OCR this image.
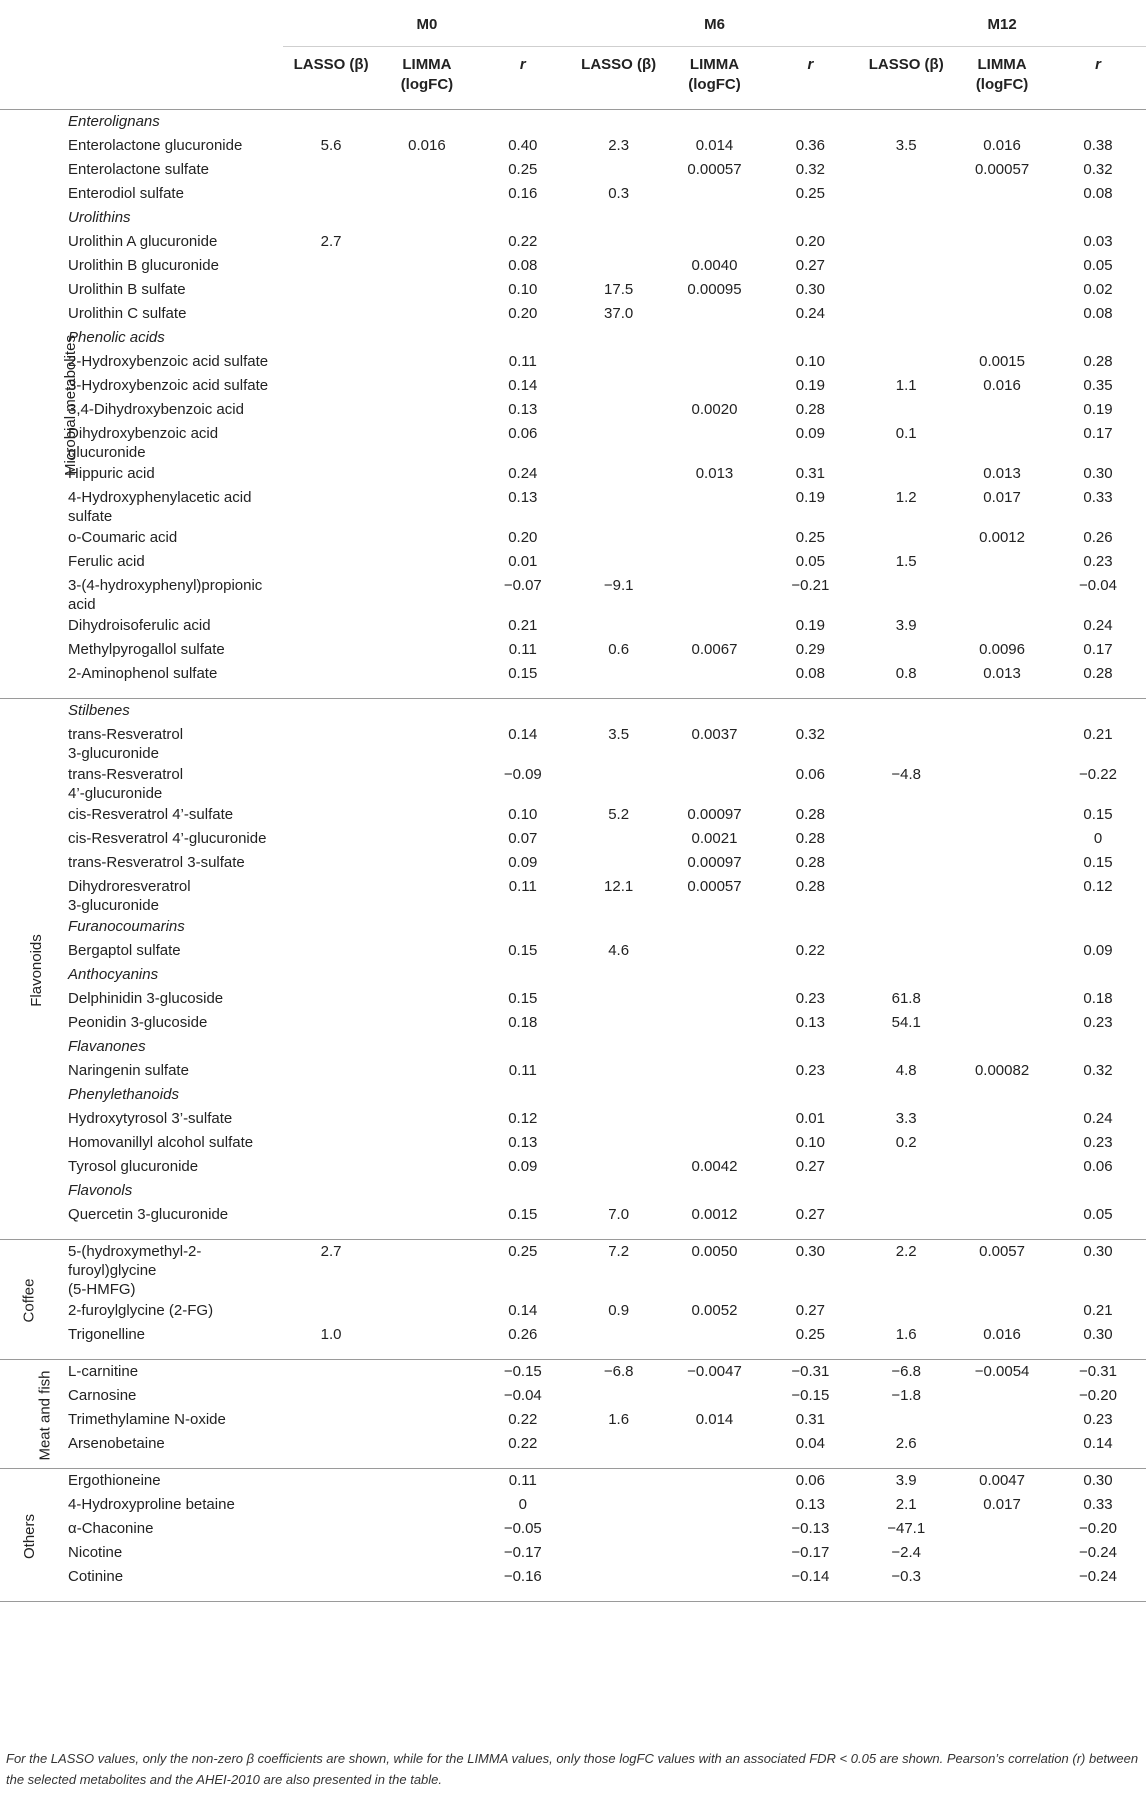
		M0			M6			M12		
		LASSO (β)	LIMMA (logFC)	r	LASSO (β)	LIMMA (logFC)	r	LASSO (β)	LIMMA (logFC)	r
Microbial metabolites	Enterolignans									
	Enterolactone glucuronide	5.6	0.016	0.40	2.3	0.014	0.36	3.5	0.016	0.38
	Enterolactone sulfate			0.25		0.00057	0.32		0.00057	0.32
	Enterodiol sulfate			0.16	0.3		0.25			0.08
	Urolithins									
	Urolithin A glucuronide	2.7		0.22			0.20			0.03
	Urolithin B glucuronide			0.08		0.0040	0.27			0.05
	Urolithin B sulfate			0.10	17.5	0.00095	0.30			0.02
	Urolithin C sulfate			0.20	37.0		0.24			0.08
	Phenolic acids									
	2-Hydroxybenzoic acid sulfate			0.11			0.10		0.0015	0.28
	3-Hydroxybenzoic acid sulfate			0.14			0.19	1.1	0.016	0.35
	3,4-Dihydroxybenzoic acid			0.13		0.0020	0.28			0.19
	Dihydroxybenzoic acid
glucuronide			0.06			0.09	0.1		0.17
	Hippuric acid			0.24		0.013	0.31		0.013	0.30
	4-Hydroxyphenylacetic acid
sulfate			0.13			0.19	1.2	0.017	0.33
	o-Coumaric acid			0.20			0.25		0.0012	0.26
	Ferulic acid			0.01			0.05	1.5		0.23
	3-(4-hydroxyphenyl)propionic
acid			−0.07	−9.1		−0.21			−0.04
	Dihydroisoferulic acid			0.21			0.19	3.9		0.24
	Methylpyrogallol sulfate			0.11	0.6	0.0067	0.29		0.0096	0.17
	2-Aminophenol sulfate			0.15			0.08	0.8	0.013	0.28
Flavonoids	Stilbenes									
	trans-Resveratrol
3-glucuronide			0.14	3.5	0.0037	0.32			0.21
	trans-Resveratrol
4’-glucuronide			−0.09			0.06	−4.8		−0.22
	cis-Resveratrol 4’-sulfate			0.10	5.2	0.00097	0.28			0.15
	cis-Resveratrol 4’-glucuronide			0.07		0.0021	0.28			0
	trans-Resveratrol 3-sulfate			0.09		0.00097	0.28			0.15
	Dihydroresveratrol
3-glucuronide			0.11	12.1	0.00057	0.28			0.12
	Furanocoumarins									
	Bergaptol sulfate			0.15	4.6		0.22			0.09
	Anthocyanins									
	Delphinidin 3-glucoside			0.15			0.23	61.8		0.18
	Peonidin 3-glucoside			0.18			0.13	54.1		0.23
	Flavanones									
	Naringenin sulfate			0.11			0.23	4.8	0.00082	0.32
	Phenylethanoids									
	Hydroxytyrosol 3’-sulfate			0.12			0.01	3.3		0.24
	Homovanillyl alcohol sulfate			0.13			0.10	0.2		0.23
	Tyrosol glucuronide			0.09		0.0042	0.27			0.06
	Flavonols									
	Quercetin 3-glucuronide			0.15	7.0	0.0012	0.27			0.05
Coffee	5-(hydroxymethyl-2-
furoyl)glycine
(5-HMFG)	2.7		0.25	7.2	0.0050	0.30	2.2	0.0057	0.30
	2-furoylglycine (2-FG)			0.14	0.9	0.0052	0.27			0.21
	Trigonelline	1.0		0.26			0.25	1.6	0.016	0.30
Meat and fish	L-carnitine			−0.15	−6.8	−0.0047	−0.31	−6.8	−0.0054	−0.31
	Carnosine			−0.04			−0.15	−1.8		−0.20
	Trimethylamine N-oxide			0.22	1.6	0.014	0.31			0.23
	Arsenobetaine			0.22			0.04	2.6		0.14
Others	Ergothioneine			0.11			0.06	3.9	0.0047	0.30
	4-Hydroxyproline betaine			0			0.13	2.1	0.017	0.33
	α-Chaconine			−0.05			−0.13	−47.1		−0.20
	Nicotine			−0.17			−0.17	−2.4		−0.24
	Cotinine			−0.16			−0.14	−0.3		−0.24
For the LASSO values, only the non-zero β coefficients are shown, while for the LIMMA values, only those logFC values with an associated FDR < 0.05 are shown. Pearson’s correlation (r) between the selected metabolites and the AHEI-2010 are also presented in the table.
